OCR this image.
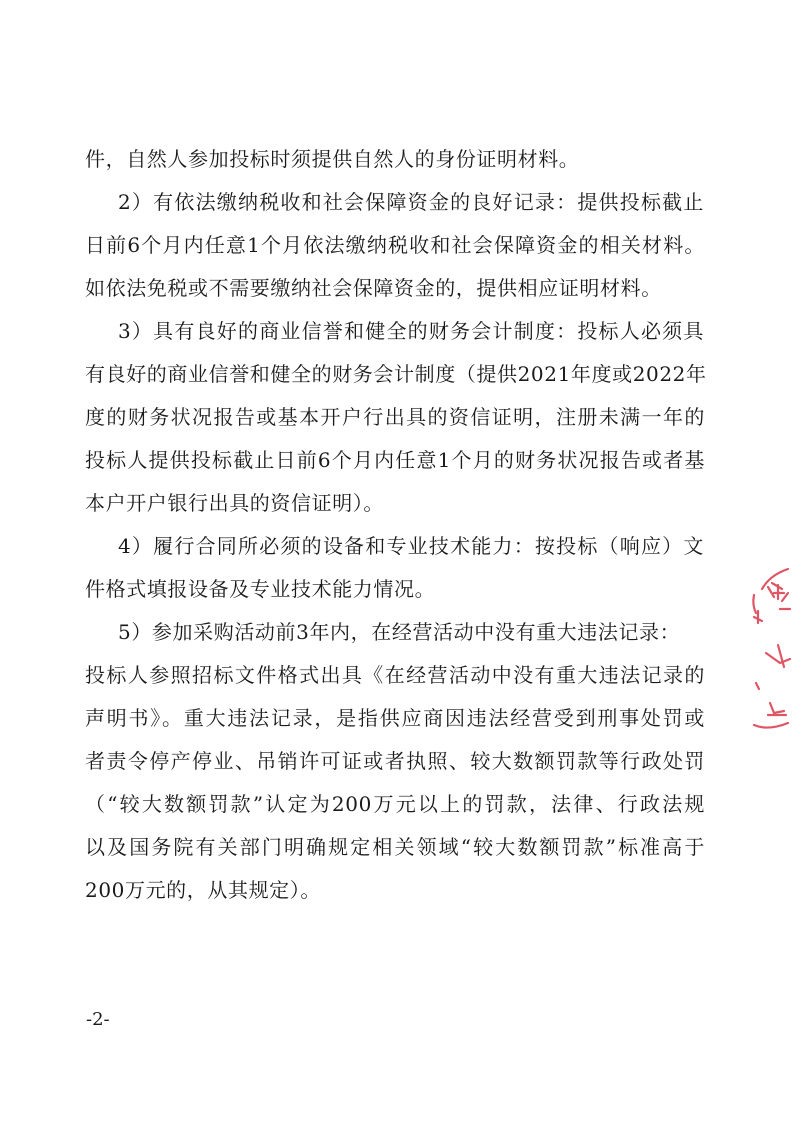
件，自然人参加投标时须提供自然人的身份证明材料。
2）有依法缴纳税收和社会保障资金的良好记录：提供投标截止
日前6个月内任意1个月依法缴纳税收和社会保障资金的相关材料。
如依法免税或不需要缴纳社会保障资金的，提供相应证明材料。
3）具有良好的商业信誉和健全的财务会计制度：投标人必须具
有良好的商业信誉和健全的财务会计制度（提供2021年度或2022年
度的财务状况报告或基本开户行出具的资信证明，注册未满一年的
投标人提供投标截止日前6个月内任意1个月的财务状况报告或者基
本户开户银行出具的资信证明）。
4）履行合同所必须的设备和专业技术能力：按投标（响应）文
件格式填报设备及专业技术能力情况。
5）参加采购活动前3年内，在经营活动中没有重大违法记录：
投标人参照招标文件格式出具《在经营活动中没有重大违法记录的
声明书》。重大违法记录，是指供应商因违法经营受到刑事处罚或
者责令停产停业、吊销许可证或者执照、较大数额罚款等行政处罚
（“较大数额罚款”认定为200万元以上的罚款，法律、行政法规
以及国务院有关部门明确规定相关领域“较大数额罚款”标准高于
200万元的，从其规定）。
-2-
